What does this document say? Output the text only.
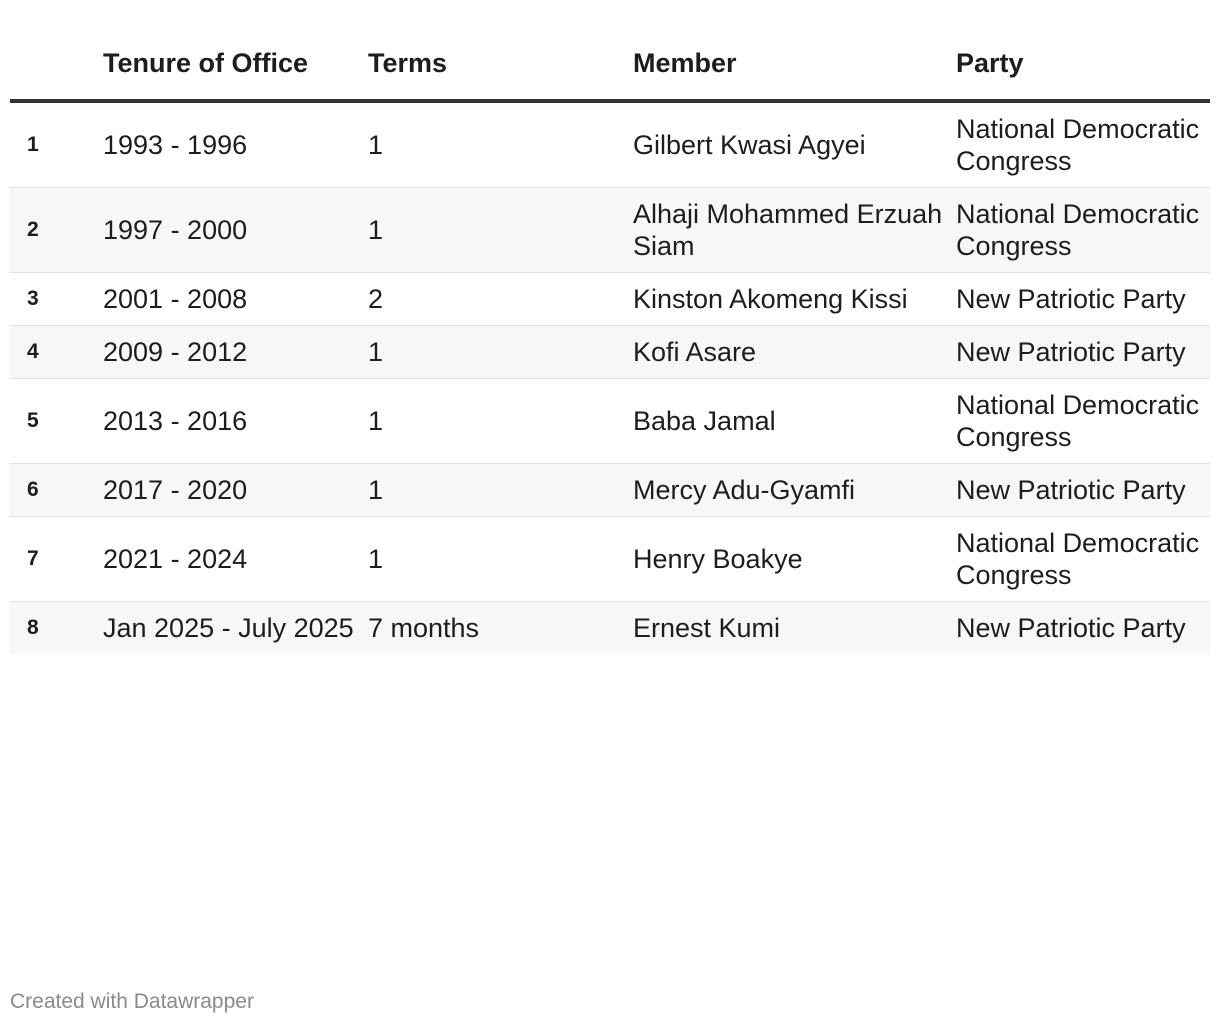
	Tenure of Office	Terms	Member	Party
1	1993 - 1996	1	Gilbert Kwasi Agyei	National Democratic Congress
2	1997 - 2000	1	Alhaji Mohammed Erzuah Siam	National Democratic Congress
3	2001 - 2008	2	Kinston Akomeng Kissi	New Patriotic Party
4	2009 - 2012	1	Kofi Asare	New Patriotic Party
5	2013 - 2016	1	Baba Jamal	National Democratic Congress
6	2017 - 2020	1	Mercy Adu-Gyamfi	New Patriotic Party
7	2021 - 2024	1	Henry Boakye	National Democratic Congress
8	Jan 2025 - July 2025	7 months	Ernest Kumi	New Patriotic Party
Created with Datawrapper
